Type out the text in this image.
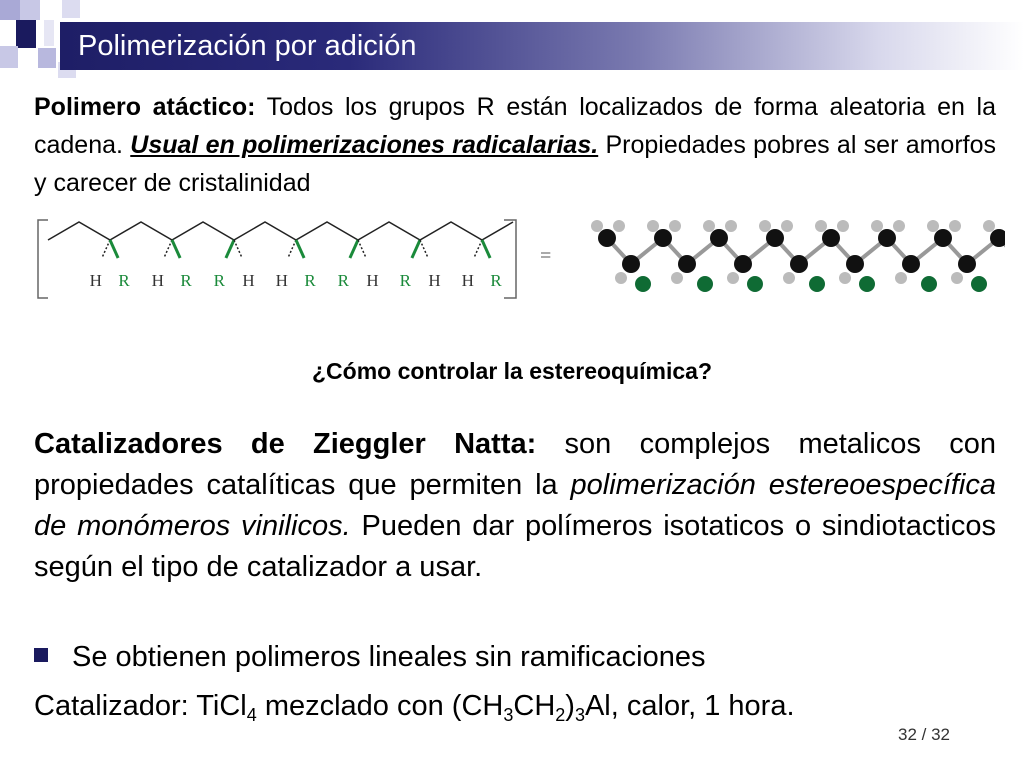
Polimerización por adición
Polimero atáctico: Todos los grupos R están localizados de forma aleatoria en la cadena. Usual en polimerizaciones radicalarias. Propiedades pobres al ser amorfos y carecer de cristalinidad
H R H R R H H R R H R H H R
=
¿Cómo controlar la estereoquímica?
Catalizadores de Zieggler Natta: son complejos metalicos con propiedades catalíticas que permiten la polimerización estereoespecífica de monómeros vinilicos. Pueden dar polímeros isotaticos o sindiotacticos según el tipo de catalizador a usar.
Se obtienen polimeros lineales sin ramificaciones
Catalizador: TiCl$_4$ mezclado con $(CH_3CH_2)_3Al$, calor, 1 hora.
32 / 32
